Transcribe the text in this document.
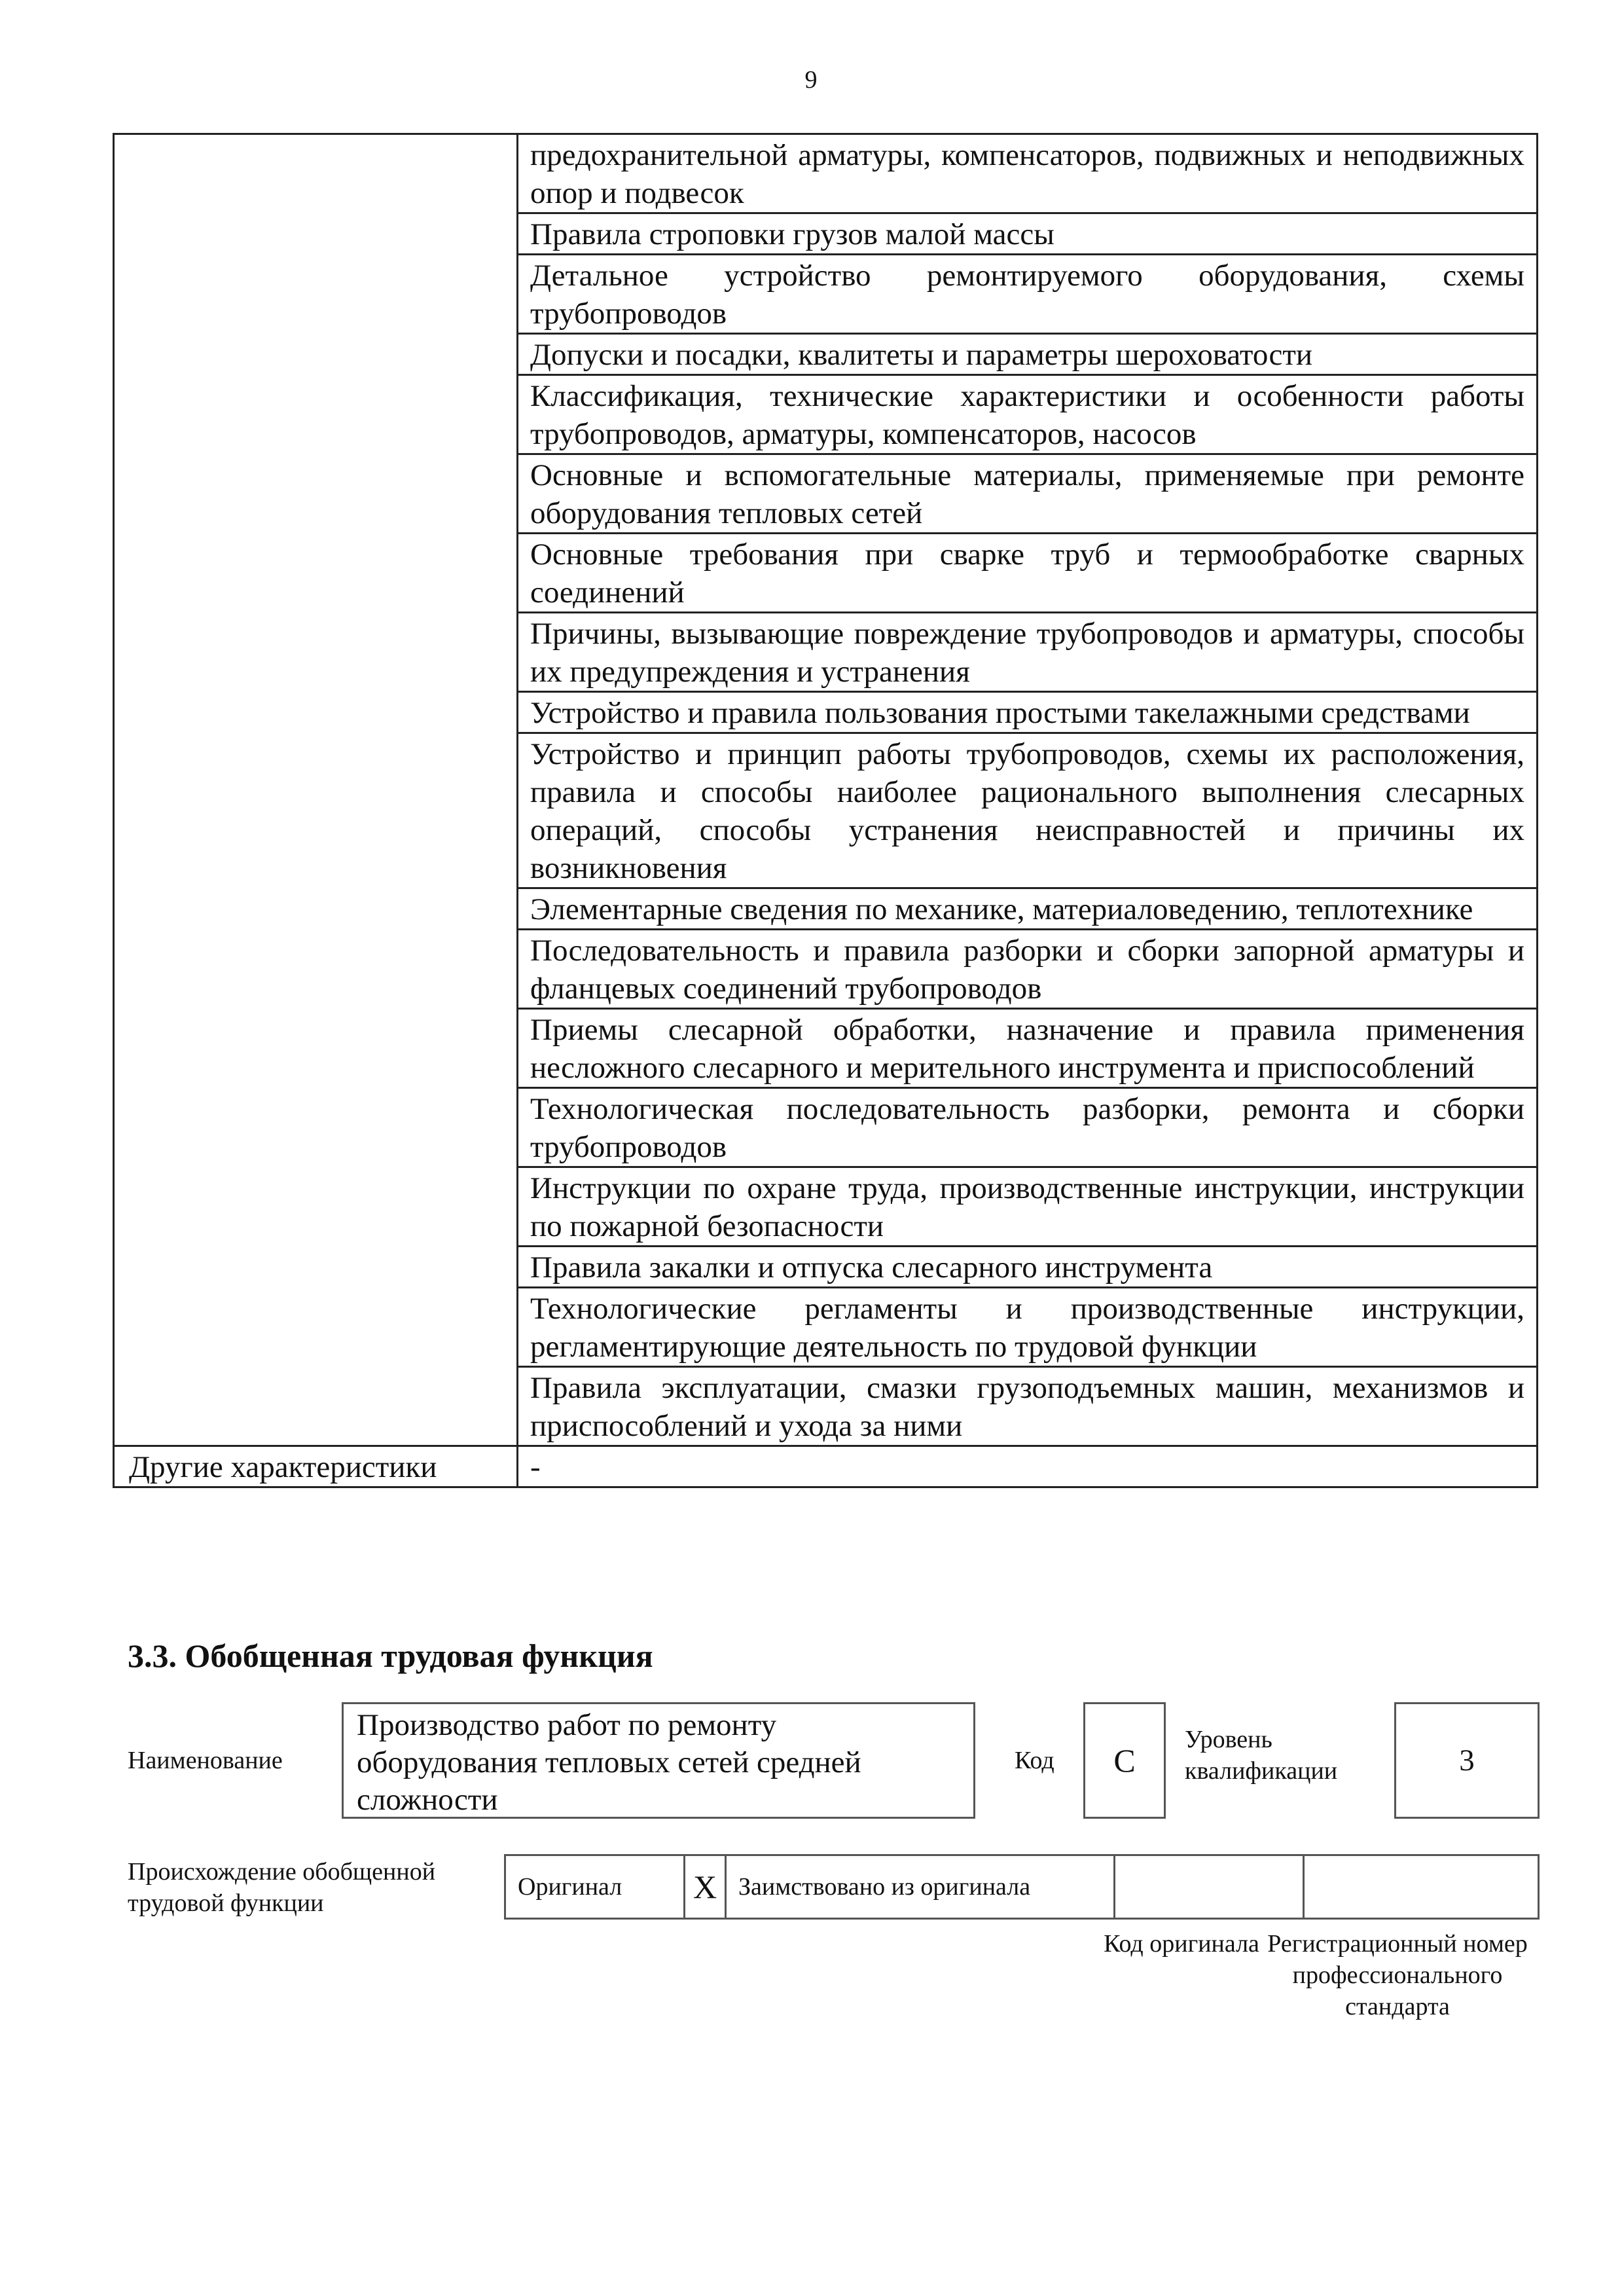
9
	предохранительной арматуры, компенсаторов, подвижных и неподвижных опор и подвесок
	Правила строповки грузов малой массы
	Детальное устройство ремонтируемого оборудования, схемы трубопроводов
	Допуски и посадки, квалитеты и параметры шероховатости
	Классификация, технические характеристики и особенности работы трубопроводов, арматуры, компенсаторов, насосов
	Основные и вспомогательные материалы, применяемые при ремонте оборудования тепловых сетей
	Основные требования при сварке труб и термообработке сварных соединений
	Причины, вызывающие повреждение трубопроводов и арматуры, способы их предупреждения и устранения
	Устройство и правила пользования простыми такелажными средствами
	Устройство и принцип работы трубопроводов, схемы их расположения, правила и способы наиболее рационального выполнения слесарных операций, способы устранения неисправностей и причины их возникновения
	Элементарные сведения по механике, материаловедению, теплотехнике
	Последовательность и правила разборки и сборки запорной арматуры и фланцевых соединений трубопроводов
	Приемы слесарной обработки, назначение и правила применения несложного слесарного и мерительного инструмента и приспособлений
	Технологическая последовательность разборки, ремонта и сборки трубопроводов
	Инструкции по охране труда, производственные инструкции, инструкции по пожарной безопасности
	Правила закалки и отпуска слесарного инструмента
	Технологические регламенты и производственные инструкции, регламентирующие деятельность по трудовой функции
	Правила эксплуатации, смазки грузоподъемных машин, механизмов и приспособлений и ухода за ними
Другие характеристики	-
3.3. Обобщенная трудовая функция
Наименование
Производство работ по ремонту оборудования тепловых сетей средней сложности
Код	C
Уровень квалификации	3
Происхождение обобщенной трудовой функции
Оригинал	X	Заимствовано из оригинала		
Код оригинала Регистрационный номер профессионального стандарта
